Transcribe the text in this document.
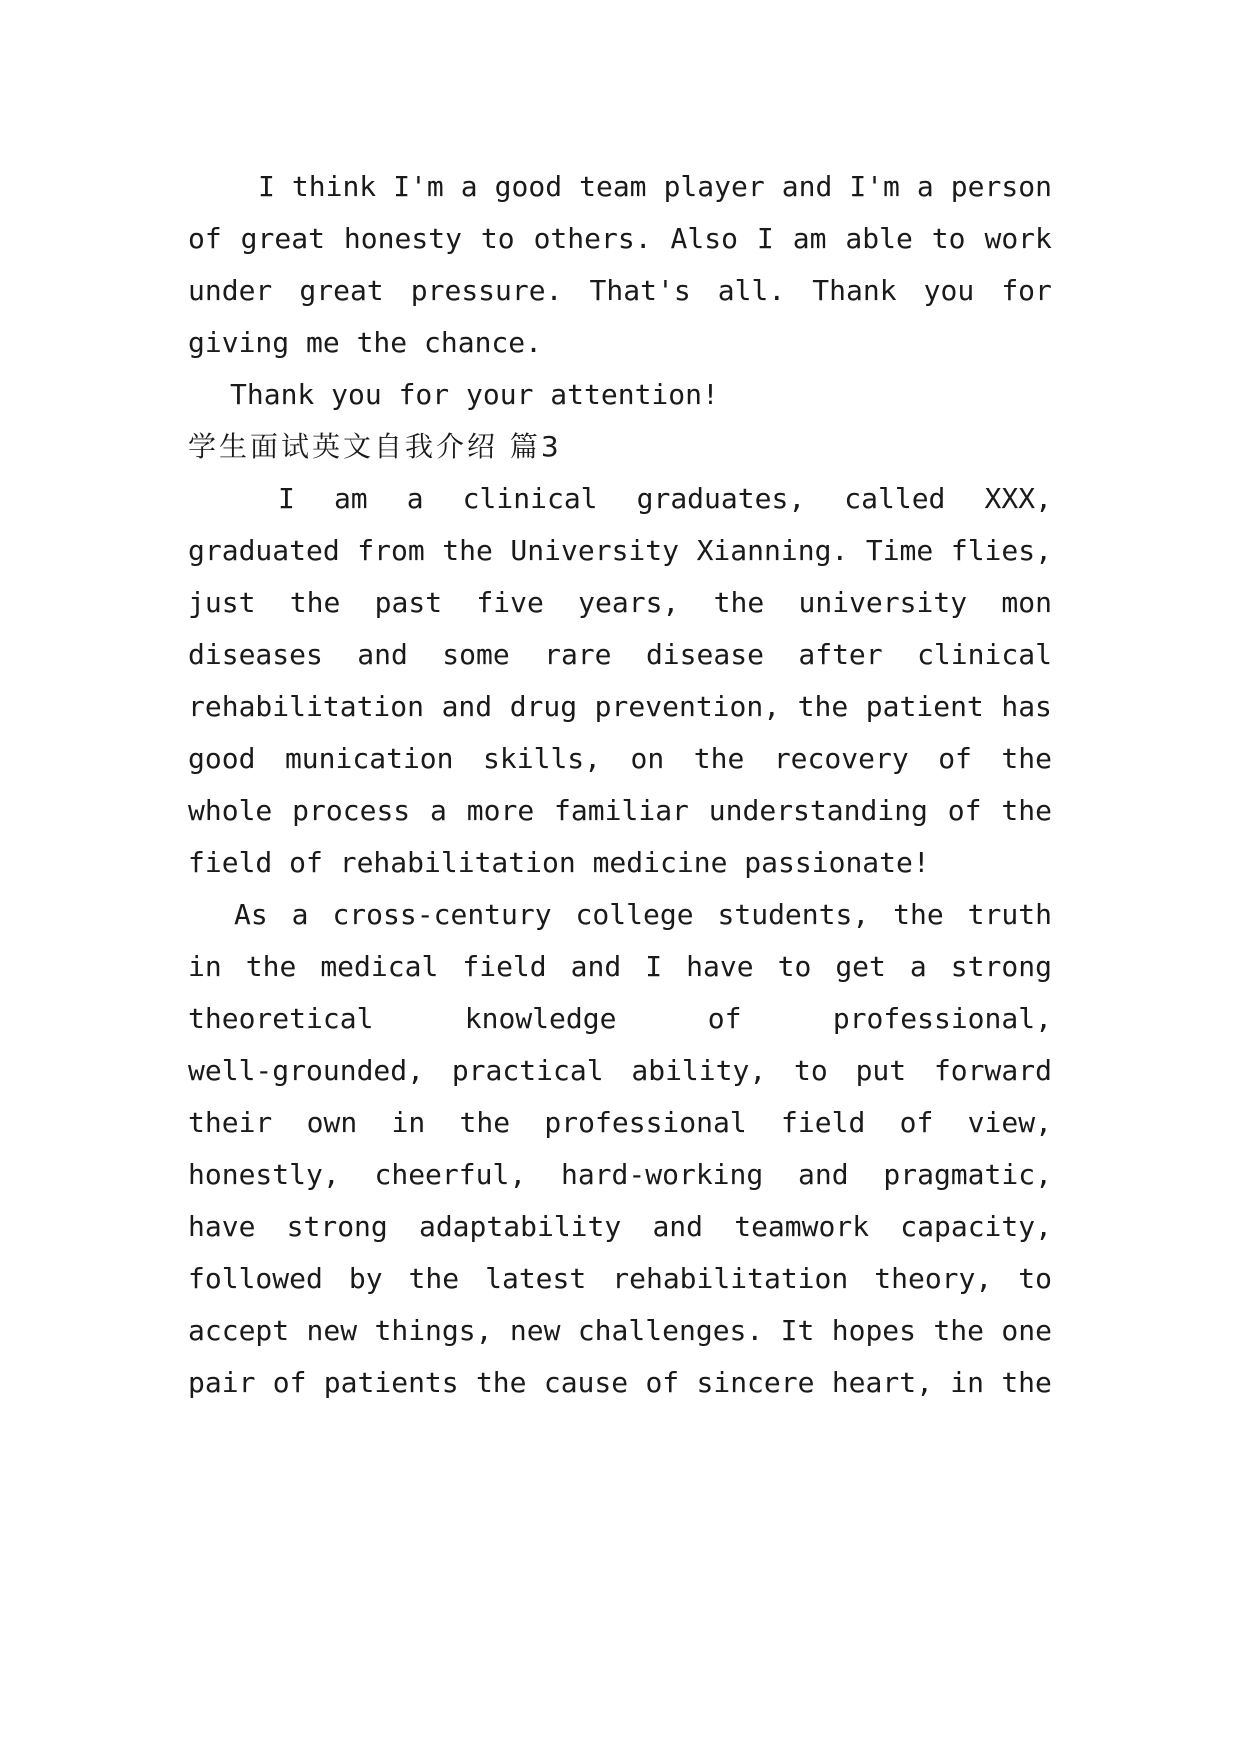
I think I'm a good team player and I'm a person
of great honesty to others. Also I am able to work
under great pressure. That's all. Thank you for
giving me the chance.
Thank you for your attention!
学生面试英文自我介绍 篇3
I am a clinical graduates, called XXX,
graduated from the University Xianning. Time flies,
just the past five years, the university mon
diseases and some rare disease after clinical
rehabilitation and drug prevention, the patient has
good munication skills, on the recovery of the
whole process a more familiar understanding of the
field of rehabilitation medicine passionate!
As a cross-century college students, the truth
in the medical field and I have to get a strong
theoretical	knowledge	of	professional,
well-grounded, practical ability, to put forward
their own in the professional field of view,
honestly, cheerful, hard-working and pragmatic,
have strong adaptability and teamwork capacity,
followed by the latest rehabilitation theory, to
accept new things, new challenges. It hopes the one
pair of patients the cause of sincere heart, in the
